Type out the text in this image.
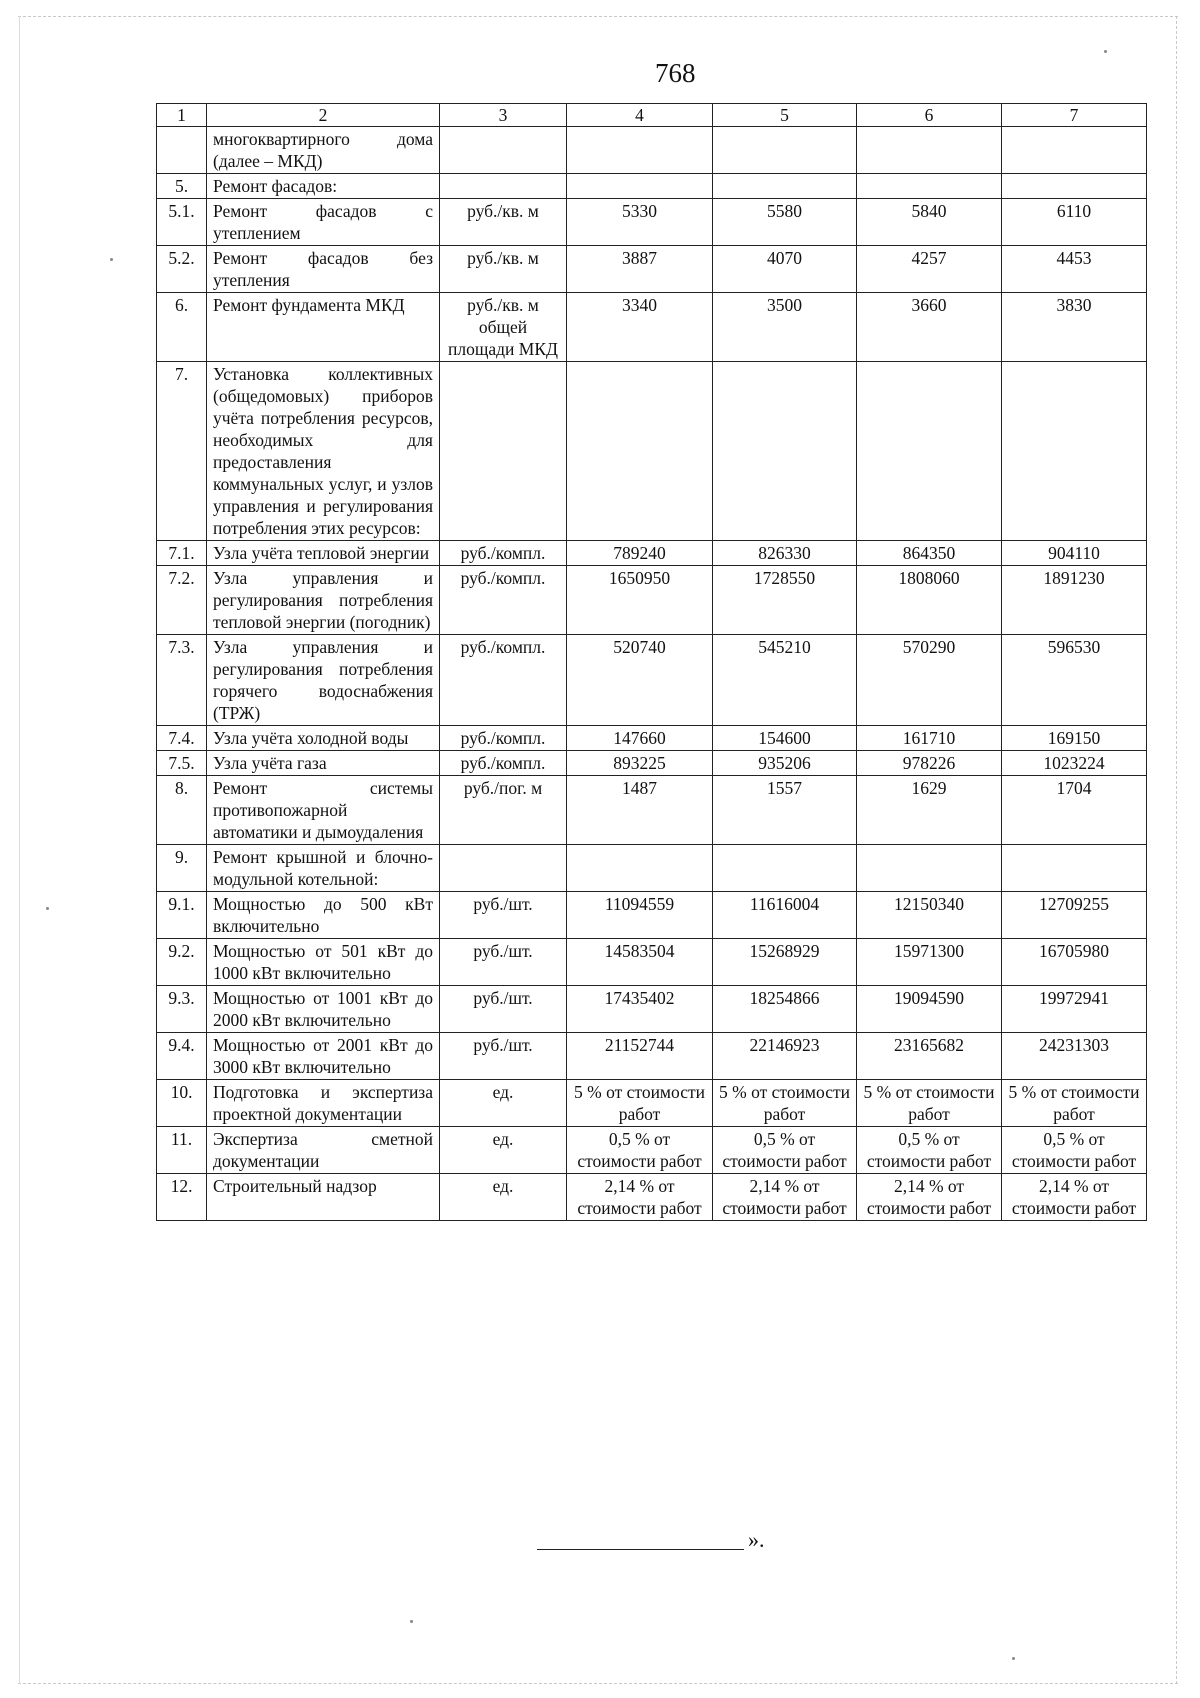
768
1	2	3	4	5	6	7
	многоквартирного дома (далее – МКД)					
5.	Ремонт фасадов:					
5.1.	Ремонт фасадов с утеплением	руб./кв. м	5330	5580	5840	6110
5.2.	Ремонт фасадов без утепления	руб./кв. м	3887	4070	4257	4453
6.	Ремонт фундамента МКД	руб./кв. м общей площади МКД	3340	3500	3660	3830
7.	Установка коллективных (общедомовых) приборов учёта потребления ресурсов, необходимых для предоставления коммунальных услуг, и узлов управления и регулирования потребления этих ресурсов:					
7.1.	Узла учёта тепловой энергии	руб./компл.	789240	826330	864350	904110
7.2.	Узла управления и регулирования потребления тепловой энергии (погодник)	руб./компл.	1650950	1728550	1808060	1891230
7.3.	Узла управления и регулирования потребления горячего водоснабжения (ТРЖ)	руб./компл.	520740	545210	570290	596530
7.4.	Узла учёта холодной воды	руб./компл.	147660	154600	161710	169150
7.5.	Узла учёта газа	руб./компл.	893225	935206	978226	1023224
8.	Ремонт системы противопожарной автоматики и дымоудаления	руб./пог. м	1487	1557	1629	1704
9.	Ремонт крышной и блочно-модульной котельной:					
9.1.	Мощностью до 500 кВт включительно	руб./шт.	11094559	11616004	12150340	12709255
9.2.	Мощностью от 501 кВт до 1000 кВт включительно	руб./шт.	14583504	15268929	15971300	16705980
9.3.	Мощностью от 1001 кВт до 2000 кВт включительно	руб./шт.	17435402	18254866	19094590	19972941
9.4.	Мощностью от 2001 кВт до 3000 кВт включительно	руб./шт.	21152744	22146923	23165682	24231303
10.	Подготовка и экспертиза проектной документации	ед.	5 % от стоимости работ	5 % от стоимости работ	5 % от стоимости работ	5 % от стоимости работ
11.	Экспертиза сметной документации	ед.	0,5 % от стоимости работ	0,5 % от стоимости работ	0,5 % от стоимости работ	0,5 % от стоимости работ
12.	Строительный надзор	ед.	2,14 % от стоимости работ	2,14 % от стоимости работ	2,14 % от стоимости работ	2,14 % от стоимости работ
».
